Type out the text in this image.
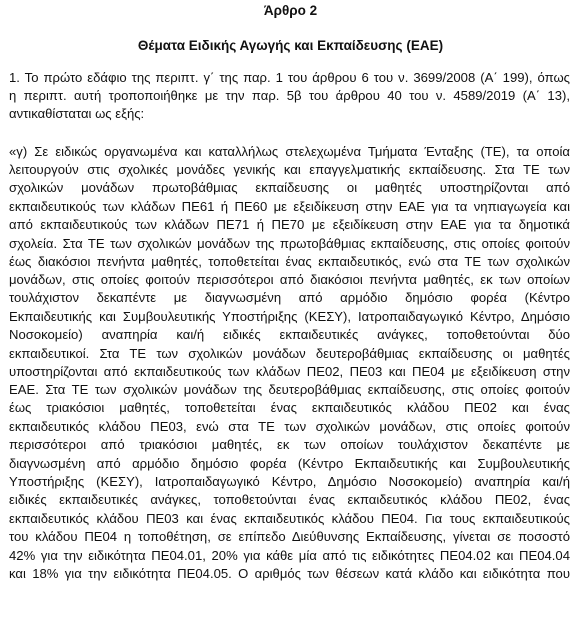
Άρθρο 2
Θέματα Ειδικής Αγωγής και Εκπαίδευσης (ΕΑΕ)
1. Το πρώτο εδάφιο της περιπτ. γ΄ της παρ. 1 του άρθρου 6 του ν. 3699/2008 (Α΄ 199), όπως
η περιπτ. αυτή τροποποιήθηκε με την παρ. 5β του άρθρου 40 του ν. 4589/2019 (Α΄ 13),
αντικαθίσταται ως εξής:
«γ) Σε ειδικώς οργανωμένα και καταλλήλως στελεχωμένα Τμήματα Ένταξης (ΤΕ), τα οποία
λειτουργούν στις σχολικές μονάδες γενικής και επαγγελματικής εκπαίδευσης. Στα ΤΕ των
σχολικών μονάδων πρωτοβάθμιας εκπαίδευσης οι μαθητές υποστηρίζονται από
εκπαιδευτικούς των κλάδων ΠΕ61 ή ΠΕ60 με εξειδίκευση στην ΕΑΕ για τα νηπιαγωγεία και
από εκπαιδευτικούς των κλάδων ΠΕ71 ή ΠΕ70 με εξειδίκευση στην ΕΑΕ για τα δημοτικά
σχολεία. Στα ΤΕ των σχολικών μονάδων της πρωτοβάθμιας εκπαίδευσης, στις οποίες φοιτούν
έως διακόσιοι πενήντα μαθητές, τοποθετείται ένας εκπαιδευτικός, ενώ στα ΤΕ των σχολικών
μονάδων, στις οποίες φοιτούν περισσότεροι από διακόσιοι πενήντα μαθητές, εκ των οποίων
τουλάχιστον δεκαπέντε με διαγνωσμένη από αρμόδιο δημόσιο φορέα (Κέντρο
Εκπαιδευτικής και Συμβουλευτικής Υποστήριξης (ΚΕΣΥ), Ιατροπαιδαγωγικό Κέντρο, Δημόσιο
Νοσοκομείο) αναπηρία και/ή ειδικές εκπαιδευτικές ανάγκες, τοποθετούνται δύο
εκπαιδευτικοί. Στα ΤΕ των σχολικών μονάδων δευτεροβάθμιας εκπαίδευσης οι μαθητές
υποστηρίζονται από εκπαιδευτικούς των κλάδων ΠΕ02, ΠΕ03 και ΠΕ04 με εξειδίκευση στην
ΕΑΕ. Στα ΤΕ των σχολικών μονάδων της δευτεροβάθμιας εκπαίδευσης, στις οποίες φοιτούν
έως τριακόσιοι μαθητές, τοποθετείται ένας εκπαιδευτικός κλάδου ΠΕ02 και ένας
εκπαιδευτικός κλάδου ΠΕ03, ενώ στα ΤΕ των σχολικών μονάδων, στις οποίες φοιτούν
περισσότεροι από τριακόσιοι μαθητές, εκ των οποίων τουλάχιστον δεκαπέντε με
διαγνωσμένη από αρμόδιο δημόσιο φορέα (Κέντρο Εκπαιδευτικής και Συμβουλευτικής
Υποστήριξης (ΚΕΣΥ), Ιατροπαιδαγωγικό Κέντρο, Δημόσιο Νοσοκομείο) αναπηρία και/ή
ειδικές εκπαιδευτικές ανάγκες, τοποθετούνται ένας εκπαιδευτικός κλάδου ΠΕ02, ένας
εκπαιδευτικός κλάδου ΠΕ03 και ένας εκπαιδευτικός κλάδου ΠΕ04. Για τους εκπαιδευτικούς
του κλάδου ΠΕ04 η τοποθέτηση, σε επίπεδο Διεύθυνσης Εκπαίδευσης, γίνεται σε ποσοστό
42% για την ειδικότητα ΠΕ04.01, 20% για κάθε μία από τις ειδικότητες ΠΕ04.02 και ΠΕ04.04
και 18% για την ειδικότητα ΠΕ04.05. Ο αριθμός των θέσεων κατά κλάδο και ειδικότητα που
